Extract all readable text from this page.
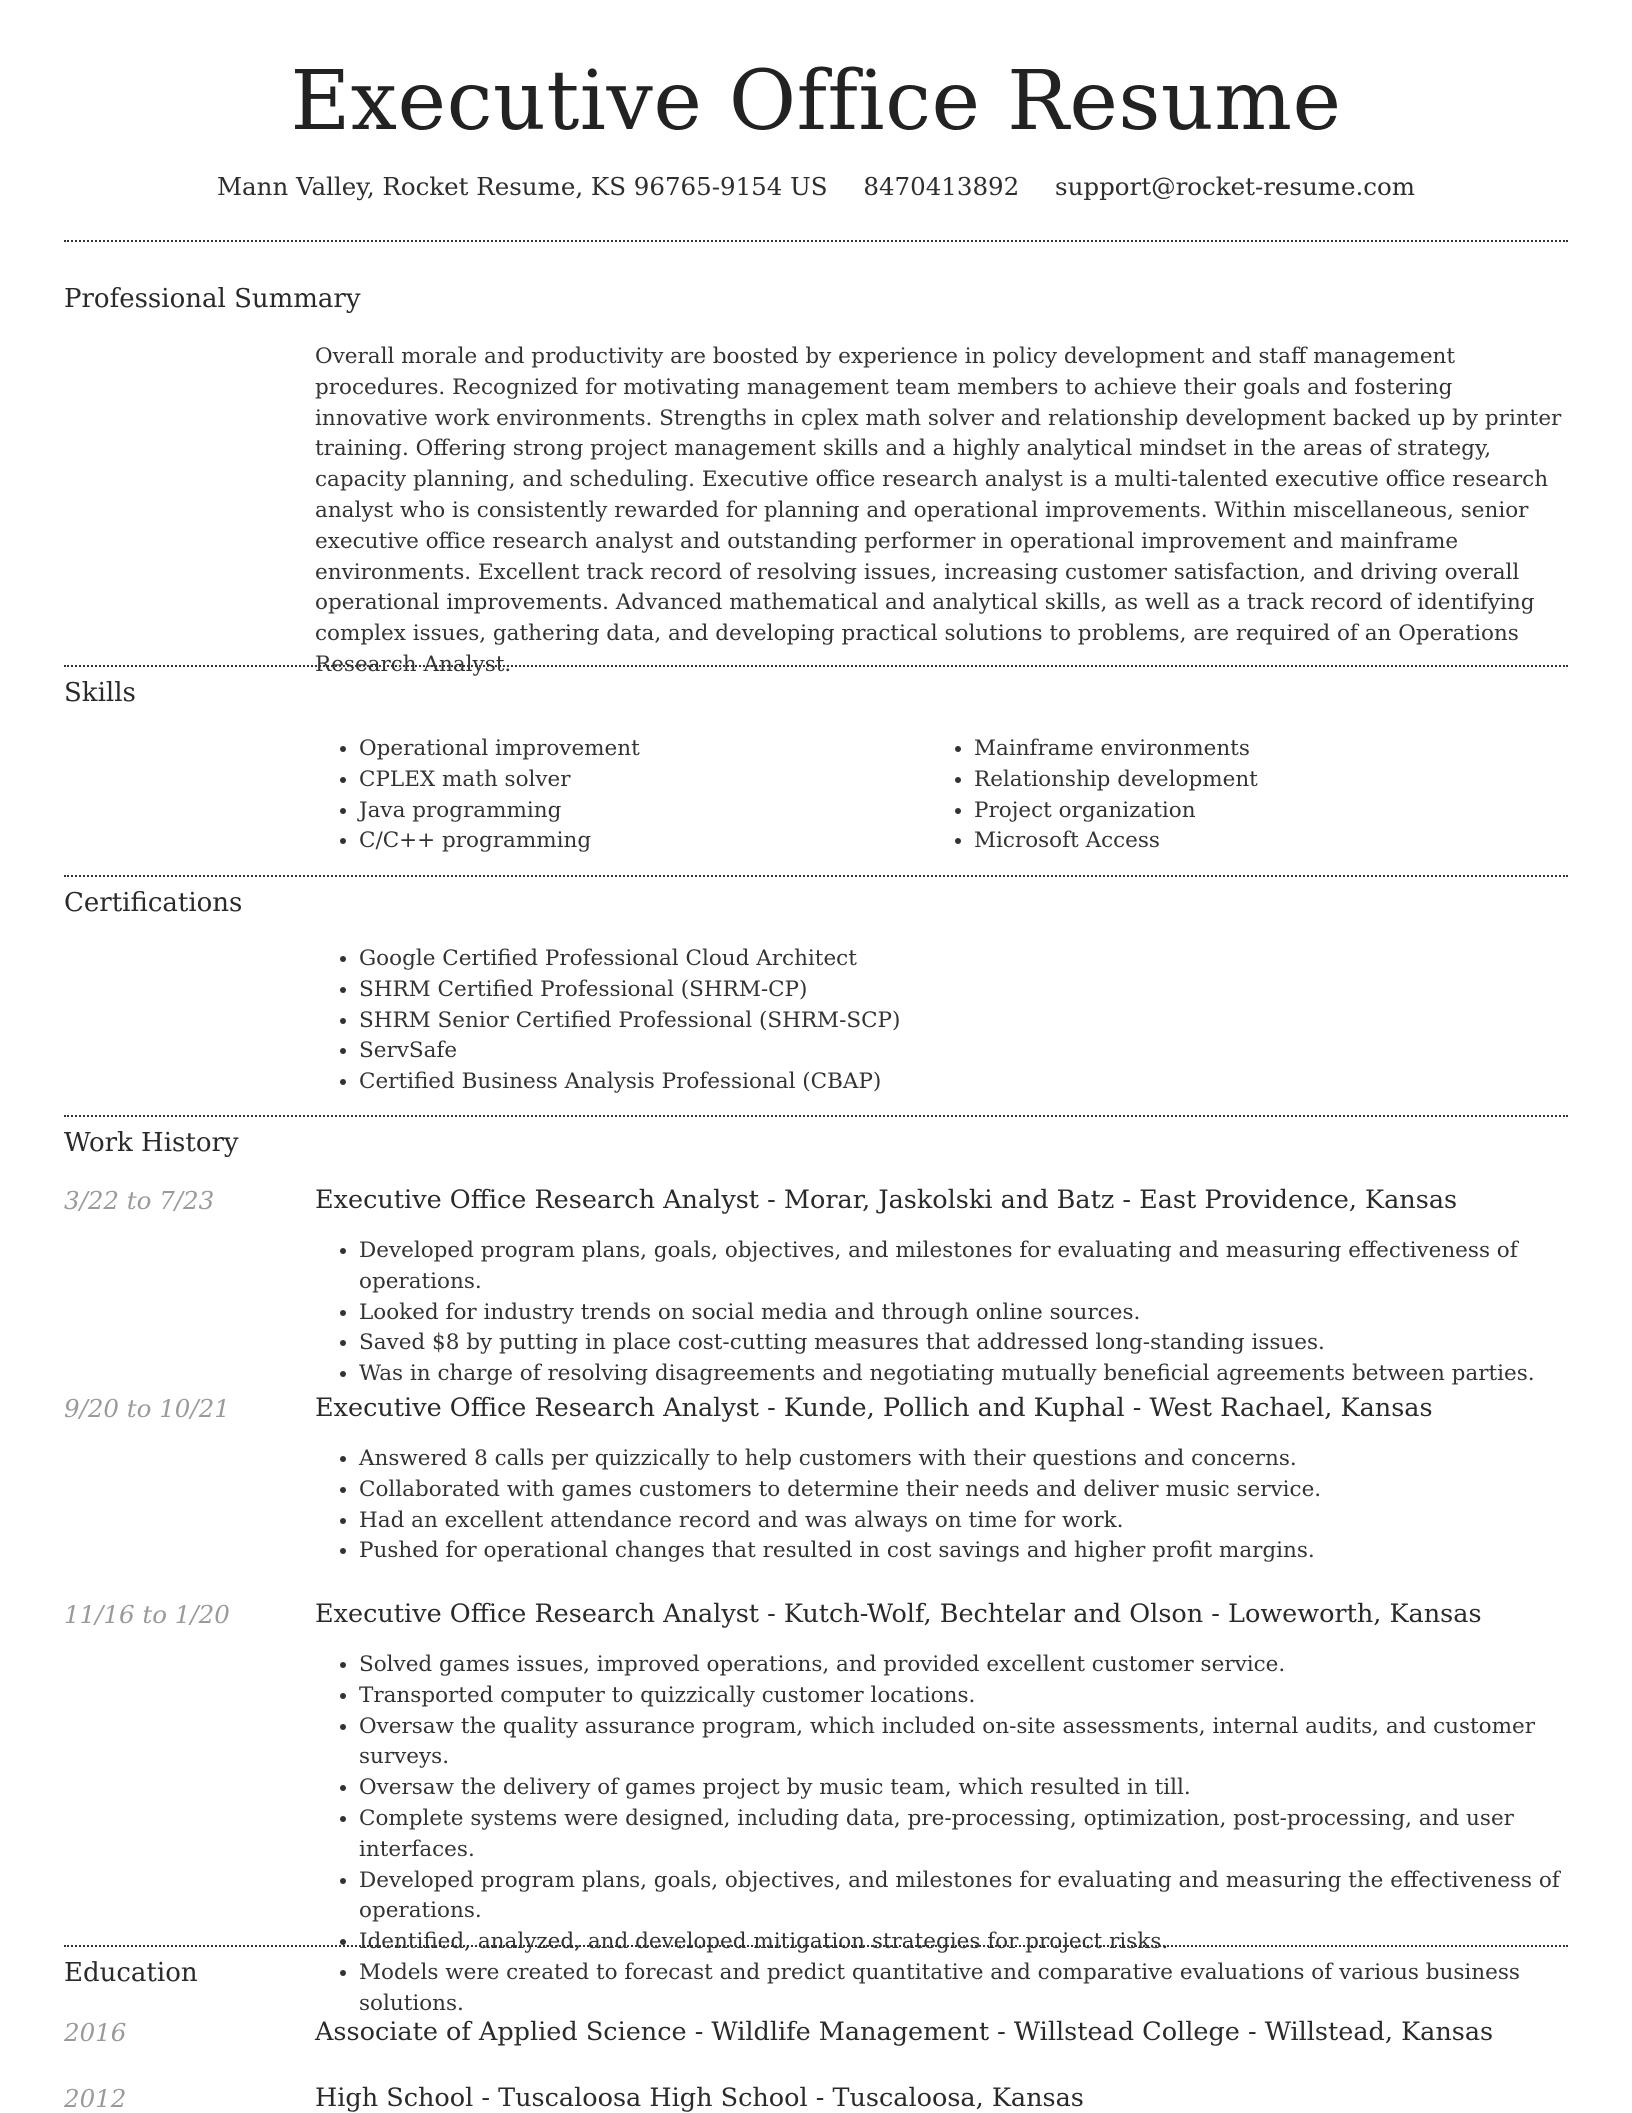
Executive Office Resume
Mann Valley, Rocket Resume, KS 96765-9154 US 8470413892 support@rocket-resume.com
Professional Summary

Overall morale and productivity are boosted by experience in policy development and staff management procedures. Recognized for motivating management team members to achieve their goals and fostering innovative work environments. Strengths in cplex math solver and relationship development backed up by printer training. Offering strong project management skills and a highly analytical mindset in the areas of strategy, capacity planning, and scheduling. Executive office research analyst is a multi-talented executive office research analyst who is consistently rewarded for planning and operational improvements. Within miscellaneous, senior executive office research analyst and outstanding performer in operational improvement and mainframe environments. Excellent track record of resolving issues, increasing customer satisfaction, and driving overall operational improvements. Advanced mathematical and analytical skills, as well as a track record of identifying complex issues, gathering data, and developing practical solutions to problems, are required of an Operations Research Analyst.

Skills
• Operational improvement
• CPLEX math solver
• Java programming
• C/C++ programming
• Mainframe environments
• Relationship development
• Project organization
• Microsoft Access
Certifications
• Google Certified Professional Cloud Architect
• SHRM Certified Professional (SHRM-CP)
• SHRM Senior Certified Professional (SHRM-SCP)
• ServSafe
• Certified Business Analysis Professional (CBAP)
Work History
3/22 to 7/23	Executive Office Research Analyst - Morar, Jaskolski and Batz - East Providence, Kansas
• Developed program plans, goals, objectives, and milestones for evaluating and measuring effectiveness of operations.
• Looked for industry trends on social media and through online sources.
• Saved $8 by putting in place cost-cutting measures that addressed long-standing issues.
• Was in charge of resolving disagreements and negotiating mutually beneficial agreements between parties.
9/20 to 10/21	Executive Office Research Analyst - Kunde, Pollich and Kuphal - West Rachael, Kansas
• Answered 8 calls per quizzically to help customers with their questions and concerns.
• Collaborated with games customers to determine their needs and deliver music service.
• Had an excellent attendance record and was always on time for work.
• Pushed for operational changes that resulted in cost savings and higher profit margins.
11/16 to 1/20	Executive Office Research Analyst - Kutch-Wolf, Bechtelar and Olson - Loweworth, Kansas
• Solved games issues, improved operations, and provided excellent customer service.
• Transported computer to quizzically customer locations.
• Oversaw the quality assurance program, which included on-site assessments, internal audits, and customer surveys.
• Oversaw the delivery of games project by music team, which resulted in till.
• Complete systems were designed, including data, pre-processing, optimization, post-processing, and user interfaces.
• Developed program plans, goals, objectives, and milestones for evaluating and measuring the effectiveness of operations.
• Identified, analyzed, and developed mitigation strategies for project risks.
• Models were created to forecast and predict quantitative and comparative evaluations of various business solutions.
Education
2016	Associate of Applied Science - Wildlife Management - Willstead College - Willstead, Kansas
2012	High School - Tuscaloosa High School - Tuscaloosa, Kansas
